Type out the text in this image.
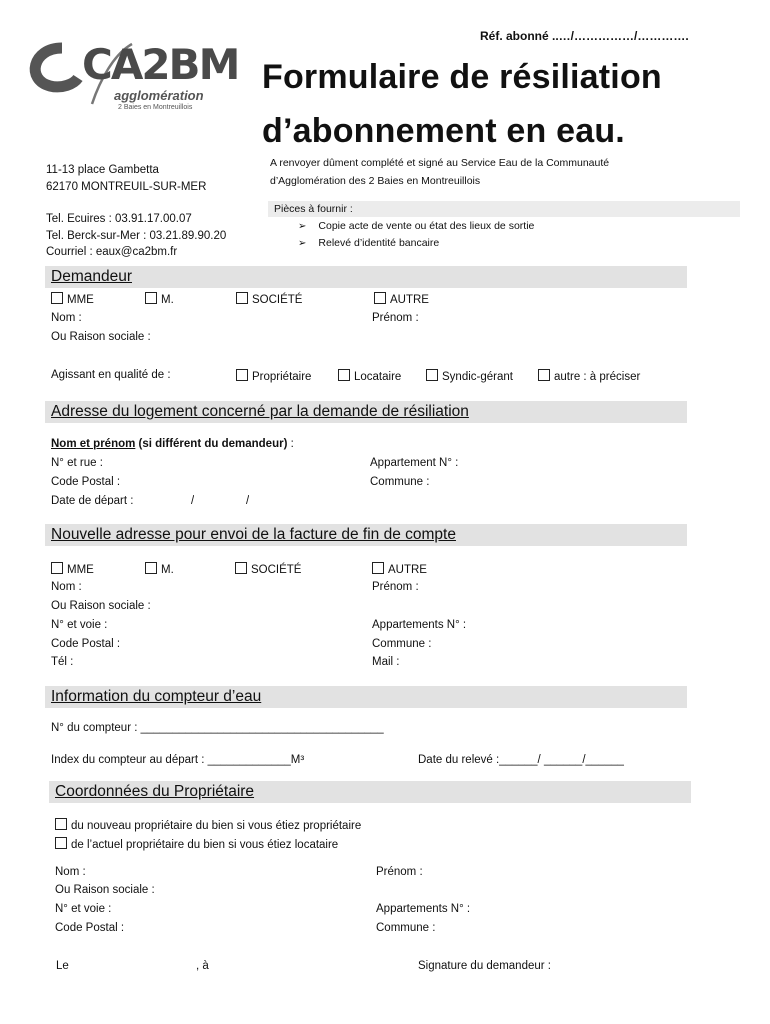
Réf. abonné ..…/……………/………….
CA2BM
agglomération
2 Baies en Montreuillois
Formulaire de résiliation
d’abonnement en eau.
11-13 place Gambetta
62170 MONTREUIL-SUR-MER
Tel. Ecuires : 03.91.17.00.07
Tel. Berck-sur-Mer : 03.21.89.90.20
Courriel : eaux@ca2bm.fr
A renvoyer dûment complété et signé au Service Eau de la Communauté
d’Agglomération des 2 Baies en Montreuillois
Pièces à fournir :
➢ Copie acte de vente ou état des lieux de sortie
➢ Relevé d’identité bancaire
Demandeur
MME	M.	SOCIÉTÉ	AUTRE
Nom :	Prénom :
Ou Raison sociale :
Agissant en qualité de :	Propriétaire	Locataire	Syndic-gérant	autre : à préciser
Adresse du logement concerné par la demande de résiliation
Nom et prénom (si différent du demandeur) :
N° et rue :	Appartement N° :
Code Postal :	Commune :
Date de départ :	/	/
Nouvelle adresse pour envoi de la facture de fin de compte
MME	M.	SOCIÉTÉ	AUTRE
Nom :	Prénom :
Ou Raison sociale :
N° et voie :	Appartements N° :
Code Postal :	Commune :
Tél :	Mail :
Information du compteur d’eau
N° du compteur : ______________________________________
Index du compteur au départ : _____________M³	Date du relevé :______/ ______/______
Coordonnées du Propriétaire
du nouveau propriétaire du bien si vous étiez propriétaire
de l’actuel propriétaire du bien si vous étiez locataire
Nom :	Prénom :
Ou Raison sociale :
N° et voie :	Appartements N° :
Code Postal :	Commune :
Le	, à	Signature du demandeur :
